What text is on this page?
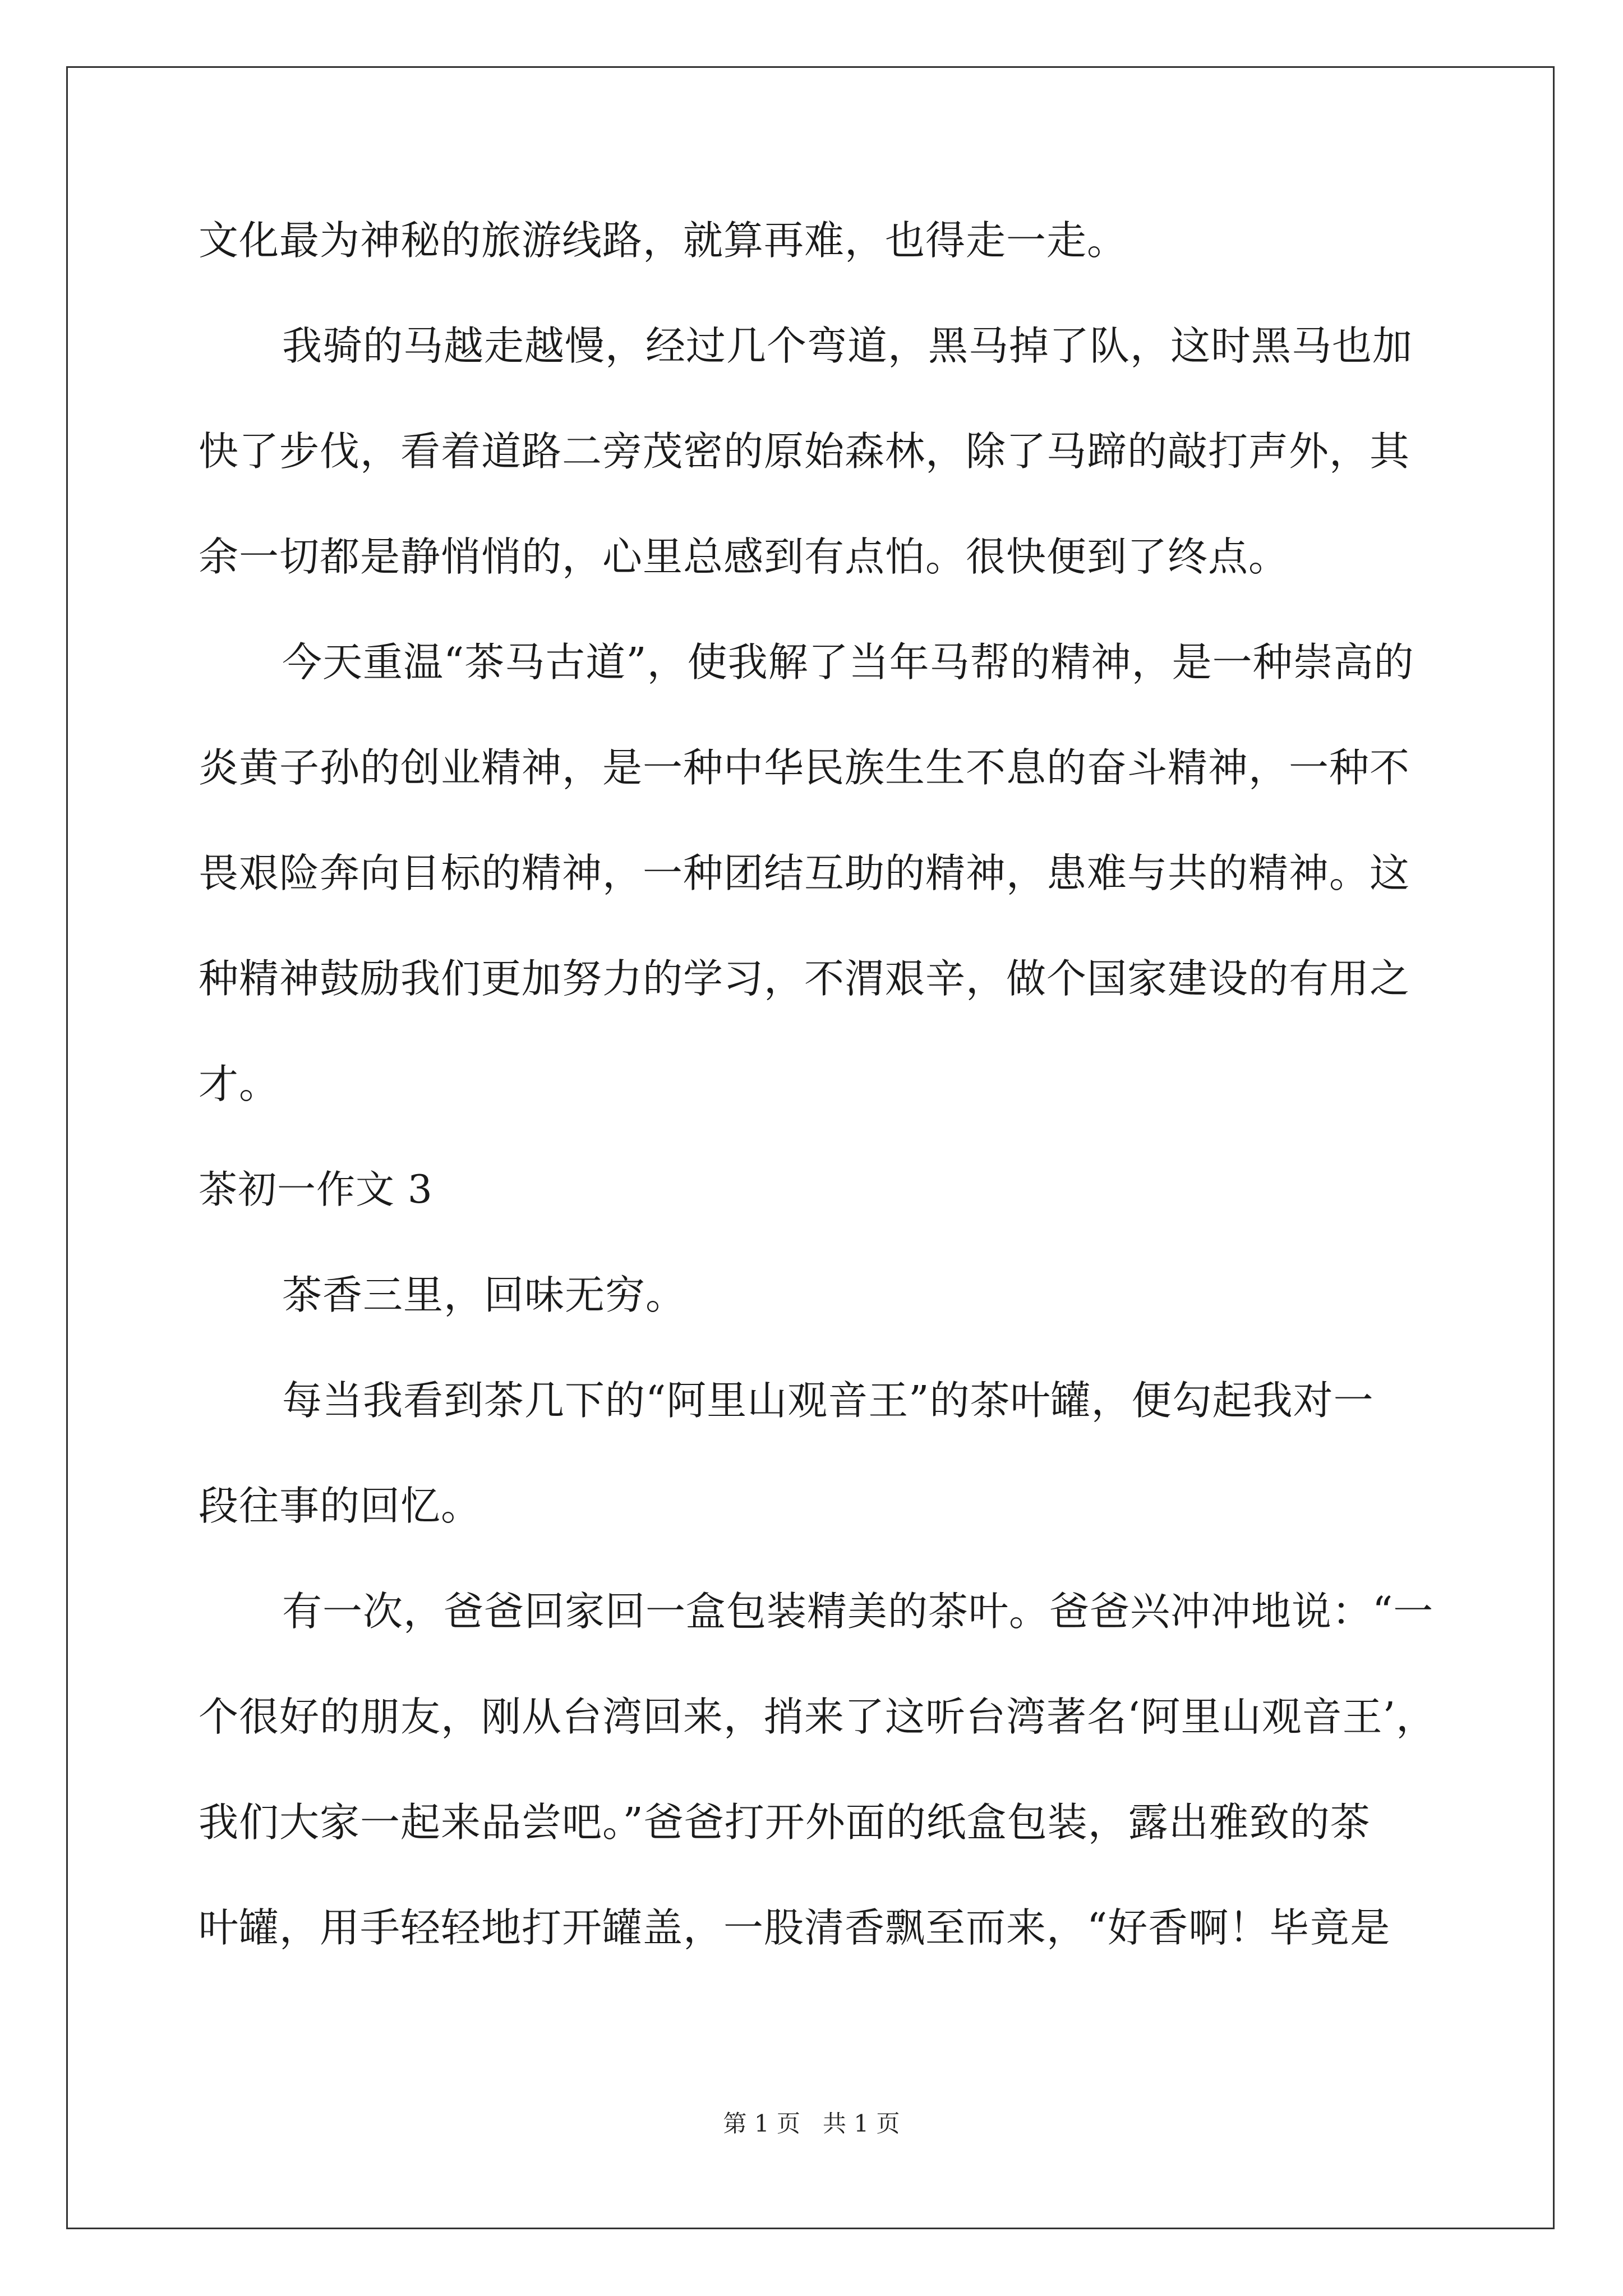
文化最为神秘的旅游线路，就算再难，也得走一走。
我骑的马越走越慢，经过几个弯道，黑马掉了队，这时黑马也加
快了步伐，看着道路二旁茂密的原始森林，除了马蹄的敲打声外，其
余一切都是静悄悄的，心里总感到有点怕。很快便到了终点。
今天重温“茶马古道”，使我解了当年马帮的精神，是一种崇高的
炎黄子孙的创业精神，是一种中华民族生生不息的奋斗精神，一种不
畏艰险奔向目标的精神，一种团结互助的精神，患难与共的精神。这
种精神鼓励我们更加努力的学习，不渭艰辛，做个国家建设的有用之
才。
茶初一作文 3
茶香三里，回味无穷。
每当我看到茶几下的“阿里山观音王”的茶叶罐，便勾起我对一
段往事的回忆。
有一次，爸爸回家回一盒包装精美的茶叶。爸爸兴冲冲地说：“一
个很好的朋友，刚从台湾回来，捎来了这听台湾著名‘阿里山观音王’，
我们大家一起来品尝吧。”爸爸打开外面的纸盒包装，露出雅致的茶
叶罐，用手轻轻地打开罐盖，一股清香飘至而来，“好香啊！毕竟是
第 1 页   共 1 页
